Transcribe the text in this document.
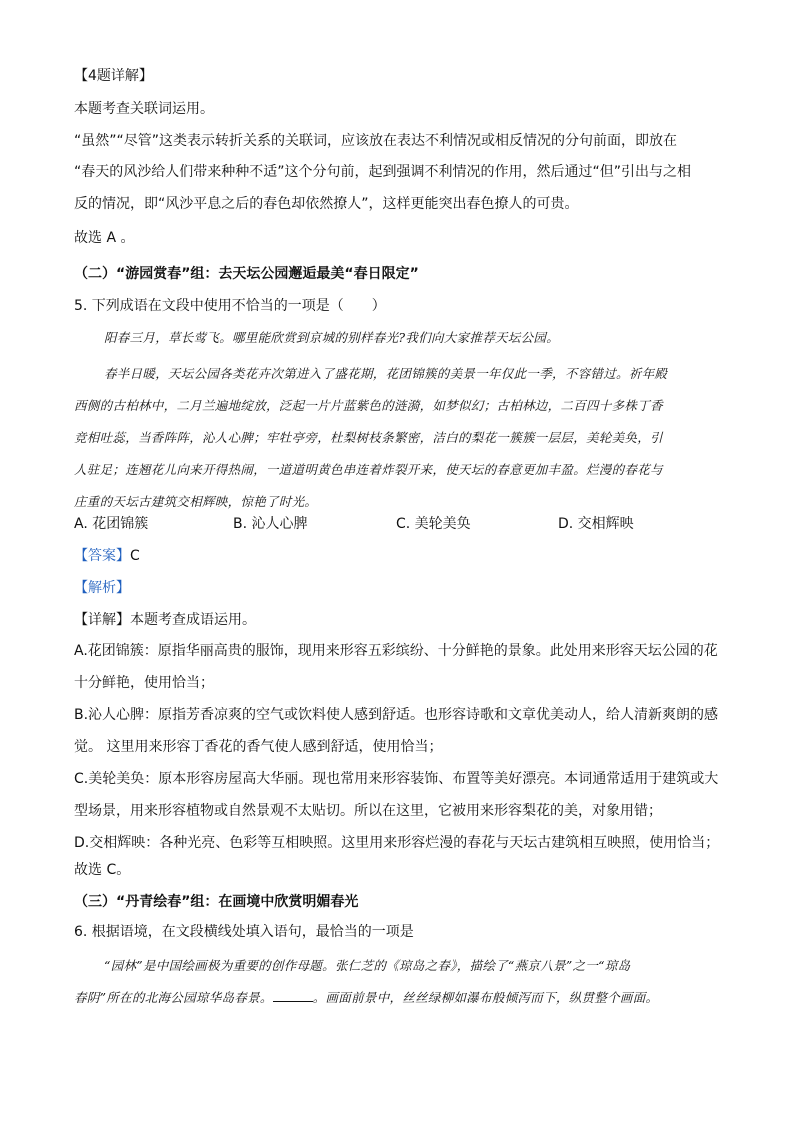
【4题详解】
本题考查关联词运用。
“虽然”“尽管”这类表示转折关系的关联词，应该放在表达不利情况或相反情况的分句前面，即放在
“春天的风沙给人们带来种种不适”这个分句前，起到强调不利情况的作用，然后通过“但”引出与之相
反的情况，即“风沙平息之后的春色却依然撩人”，这样更能突出春色撩人的可贵。
故选 A 。
（二）“游园赏春”组：去天坛公园邂逅最美“春日限定”
5. 下列成语在文段中使用不恰当的一项是（　　）
阳春三月，草长莺飞。哪里能欣赏到京城的别样春光?我们向大家推荐天坛公园。
春半日暖，天坛公园各类花卉次第进入了盛花期，花团锦簇的美景一年仅此一季，不容错过。祈年殿
西侧的古柏林中，二月兰遍地绽放，泛起一片片蓝紫色的涟漪，如梦似幻；古柏林边，二百四十多株丁香
竞相吐蕊，当香阵阵，沁人心脾；牢牡亭旁，杜梨树枝条繁密，洁白的梨花一簇簇一层层，美轮美奂，引
人驻足；连翘花儿向来开得热闹，一道道明黄色串连着炸裂开来，使天坛的春意更加丰盈。烂漫的春花与
庄重的天坛古建筑交相辉映，惊艳了时光。
A. 花团锦簇	B. 沁人心脾	C. 美轮美奂	D. 交相辉映
【答案】C
【解析】
【详解】本题考查成语运用。
A.花团锦簇：原指华丽高贵的服饰，现用来形容五彩缤纷、十分鲜艳的景象。此处用来形容天坛公园的花
十分鲜艳，使用恰当；
B.沁人心脾：原指芳香凉爽的空气或饮料使人感到舒适。也形容诗歌和文章优美动人，给人清新爽朗的感
觉。 这里用来形容丁香花的香气使人感到舒适，使用恰当；
C.美轮美奂：原本形容房屋高大华丽。现也常用来形容装饰、布置等美好漂亮。本词通常适用于建筑或大
型场景，用来形容植物或自然景观不太贴切。所以在这里，它被用来形容梨花的美，对象用错；
D.交相辉映：各种光亮、色彩等互相映照。这里用来形容烂漫的春花与天坛古建筑相互映照，使用恰当；
故选 C。
（三）“丹青绘春”组：在画境中欣赏明媚春光
6. 根据语境，在文段横线处填入语句，最恰当的一项是
“园林”是中国绘画极为重要的创作母题。张仁芝的《琼岛之春》，描绘了“燕京八景”之一“琼岛
春阴”所在的北海公园琼华岛春景。	。画面前景中，丝丝绿柳如瀑布般倾泻而下，纵贯整个画面。
